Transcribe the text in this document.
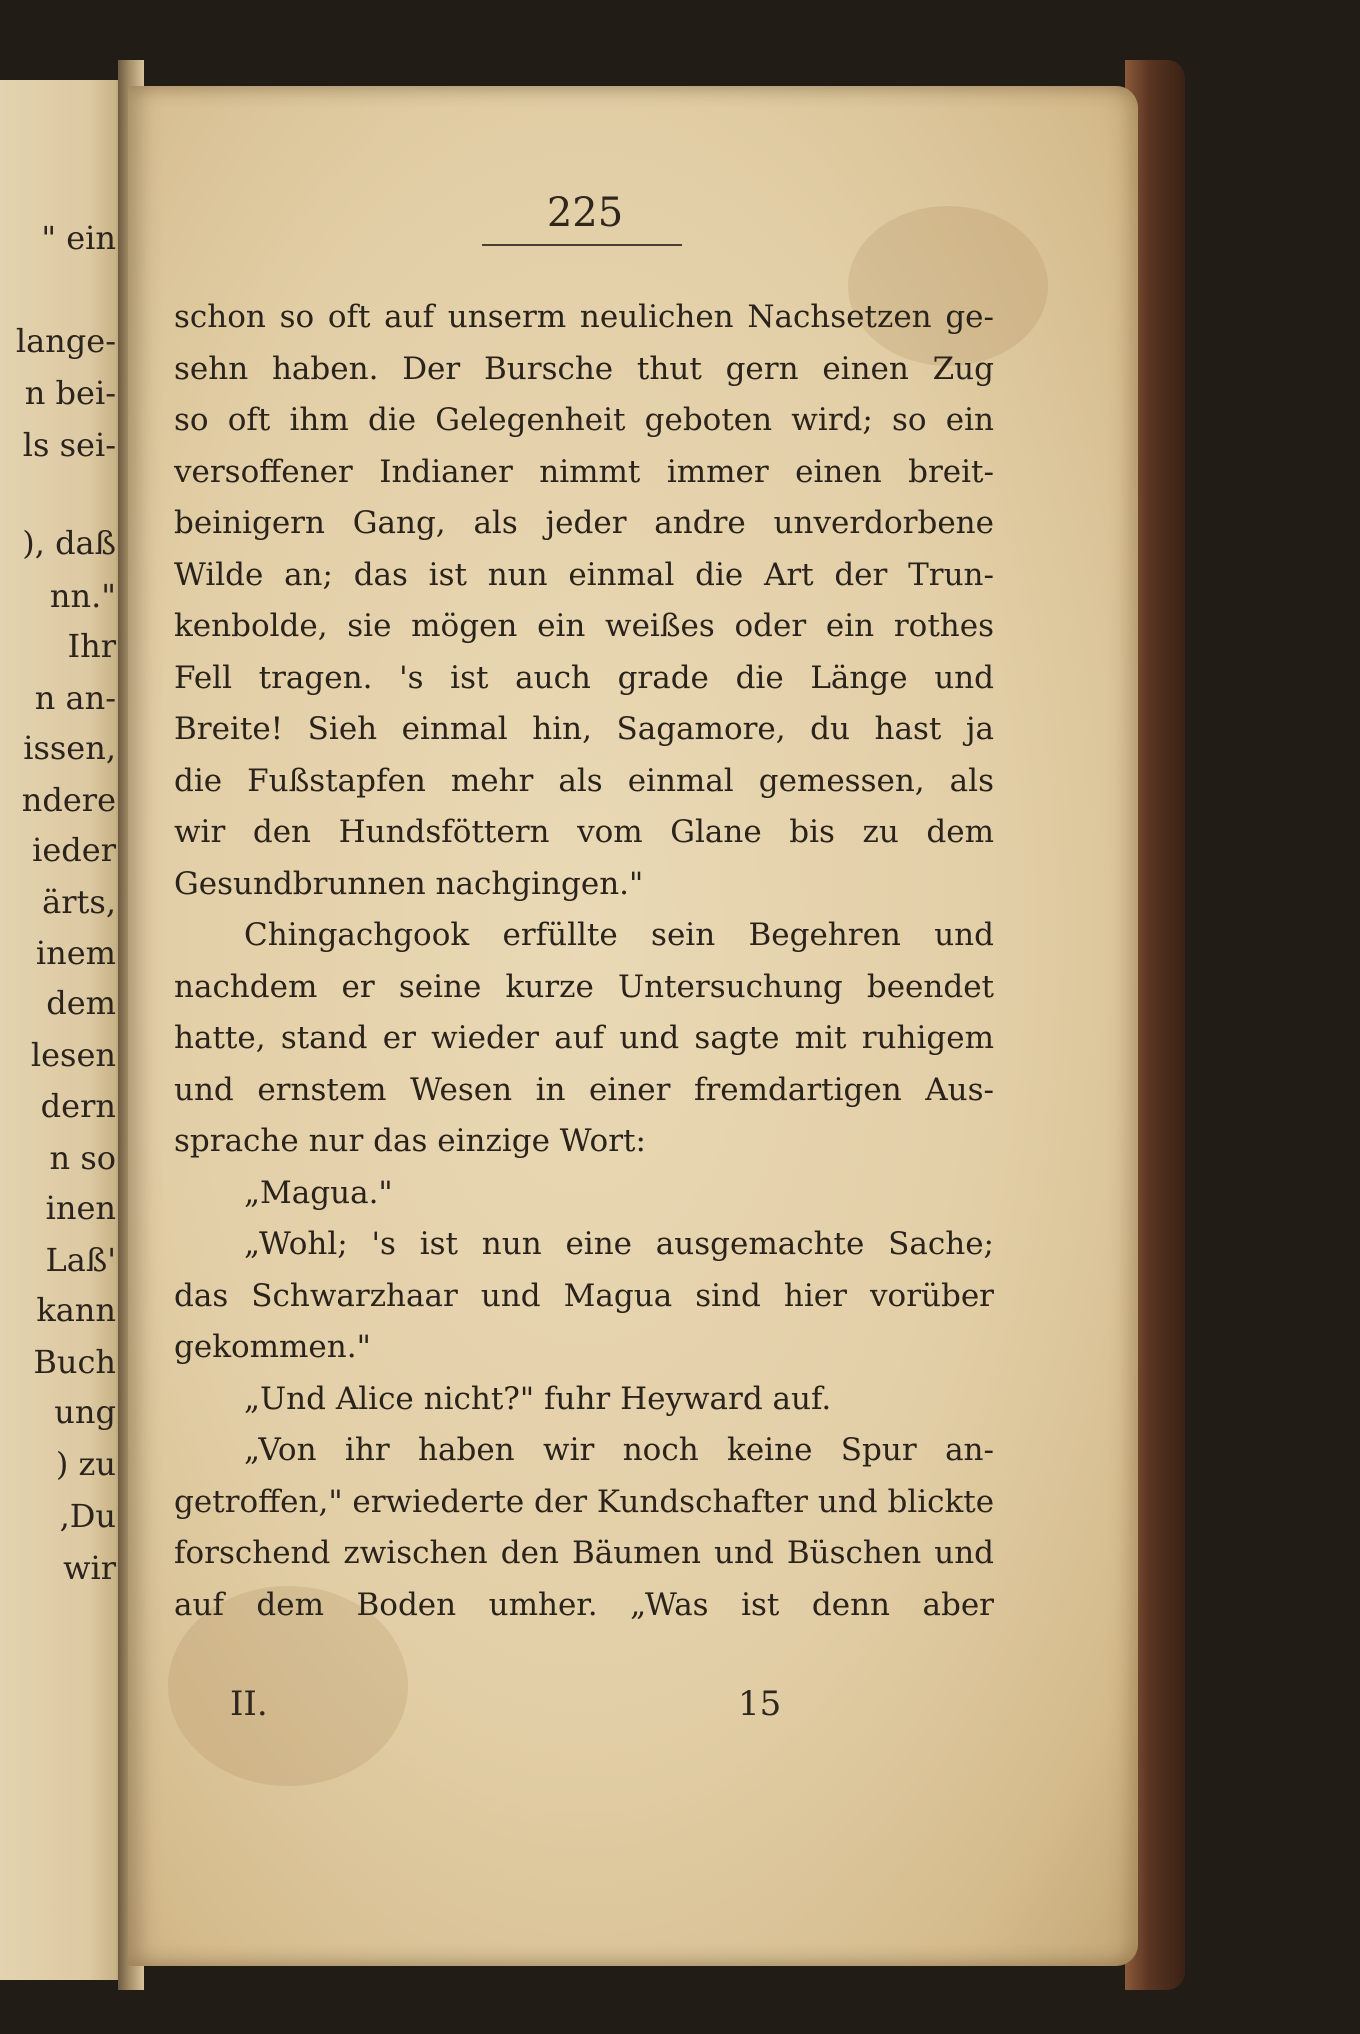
" ein
lange-
n bei-
ls sei-
), daß
nn."
Ihr
n an-
issen,
ndere
ieder
ärts,
inem
dem
lesen
dern
n so
inen
Laß'
kann
Buch
ung
) zu
,Du
wir
225
schon so oft auf unserm neulichen Nachsetzen ge-
sehn haben. Der Bursche thut gern einen Zug
so oft ihm die Gelegenheit geboten wird; so ein
versoffener Indianer nimmt immer einen breit-
beinigern Gang, als jeder andre unverdorbene
Wilde an; das ist nun einmal die Art der Trun-
kenbolde, sie mögen ein weißes oder ein rothes
Fell tragen. 's ist auch grade die Länge und
Breite! Sieh einmal hin, Sagamore, du hast ja
die Fußstapfen mehr als einmal gemessen, als
wir den Hundsföttern vom Glane bis zu dem
Gesundbrunnen nachgingen."
Chingachgook erfüllte sein Begehren und
nachdem er seine kurze Untersuchung beendet
hatte, stand er wieder auf und sagte mit ruhigem
und ernstem Wesen in einer fremdartigen Aus-
sprache nur das einzige Wort:
„Magua."
„Wohl; 's ist nun eine ausgemachte Sache;
das Schwarzhaar und Magua sind hier vorüber
gekommen."
„Und Alice nicht?" fuhr Heyward auf.
„Von ihr haben wir noch keine Spur an-
getroffen," erwiederte der Kundschafter und blickte
forschend zwischen den Bäumen und Büschen und
auf dem Boden umher. „Was ist denn aber
II.	15
